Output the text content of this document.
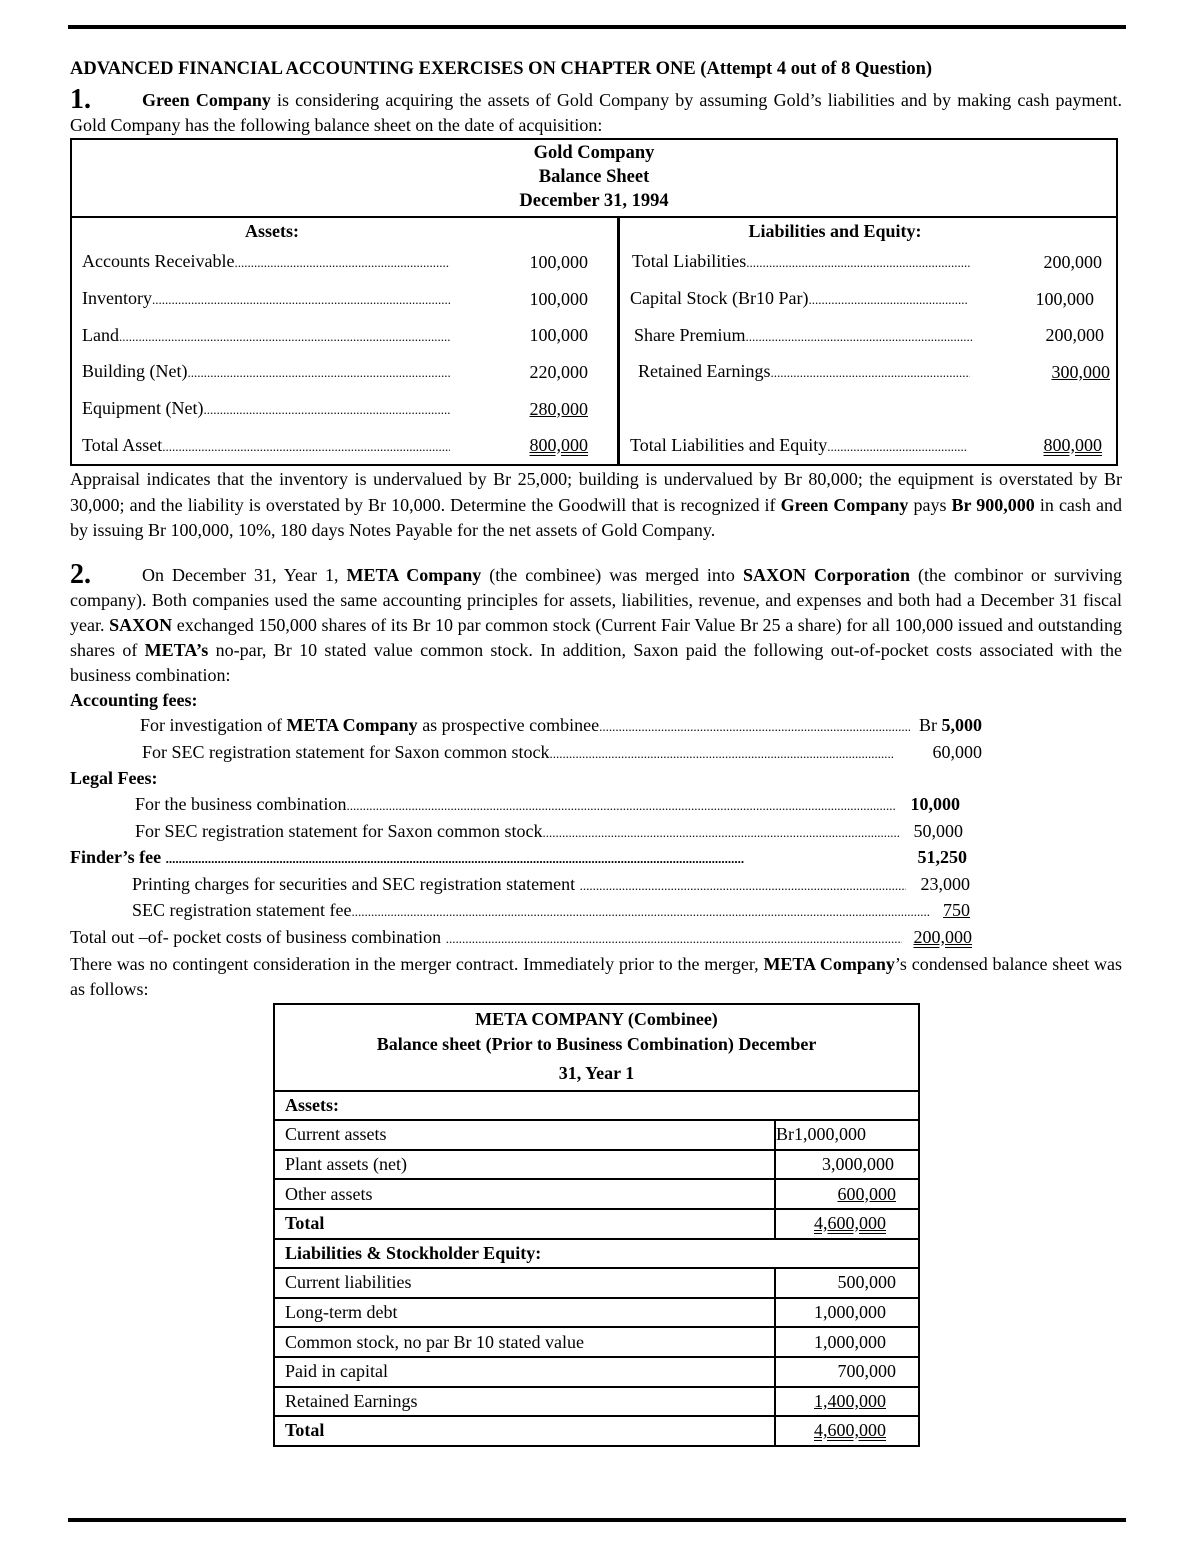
ADVANCED FINANCIAL ACCOUNTING EXERCISES ON CHAPTER ONE (Attempt 4 out of 8 Question)
1.	Green Company is considering acquiring the assets of Gold Company by assuming Gold’s liabilities and by making cash payment. Gold Company has the following balance sheet on the date of acquisition:
Gold Company
Balance Sheet
December 31, 1994
Assets:
Accounts Receivable .....	100,000
Inventory .....	100,000
Land .....	100,000
Building (Net) .....	220,000
Equipment (Net) .....	280,000
Total Asset .....	800,000
Liabilities and Equity:
Total Liabilities .....	200,000
Capital Stock (Br10 Par) .....	100,000
Share Premium .....	200,000
Retained Earnings .....	300,000
Total Liabilities and Equity .....	800,000
Appraisal indicates that the inventory is undervalued by Br 25,000; building is undervalued by Br 80,000; the equipment is overstated by Br 30,000; and the liability is overstated by Br 10,000. Determine the Goodwill that is recognized if Green Company pays Br 900,000 in cash and by issuing Br 100,000, 10%, 180 days Notes Payable for the net assets of Gold Company.
2.	On December 31, Year 1, META Company (the combinee) was merged into SAXON Corporation (the combinor or surviving company). Both companies used the same accounting principles for assets, liabilities, revenue, and expenses and both had a December 31 fiscal year. SAXON exchanged 150,000 shares of its Br 10 par common stock (Current Fair Value Br 25 a share) for all 100,000 issued and outstanding shares of META’s no-par, Br 10 stated value common stock. In addition, Saxon paid the following out-of-pocket costs associated with the business combination:
Accounting fees:
For investigation of META Company as prospective combinee .....	Br 5,000
For SEC registration statement for Saxon common stock .....	60,000
Legal Fees:
For the business combination .....	10,000
For SEC registration statement for Saxon common stock .....	50,000
Finder’s fee .....	51,250
Printing charges for securities and SEC registration statement .....	23,000
SEC registration statement fee .....	750
Total out –of- pocket costs of business combination .....	200,000
There was no contingent consideration in the merger contract. Immediately prior to the merger, META Company’s condensed balance sheet was as follows:
META COMPANY (Combinee)
Balance sheet (Prior to Business Combination) December
31, Year 1	

Assets:	
Current assets	Br1,000,000
Plant assets (net)	3,000,000
Other assets	600,000
Total	4,600,000
Liabilities & Stockholder Equity:	
Current liabilities	500,000
Long-term debt	1,000,000
Common stock, no par Br 10 stated value	1,000,000
Paid in capital	700,000
Retained Earnings	1,400,000
Total	4,600,000
